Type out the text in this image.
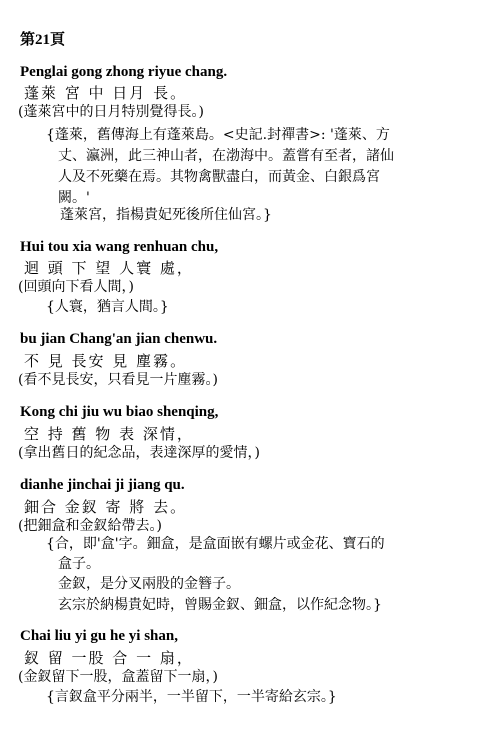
第21頁
Penglai gong zhong riyue chang.
蓬萊 宮 中 日月 長。
(蓬萊宮中的日月特別覺得長。)
{蓬萊，舊傳海上有蓬萊島。<史記.封禪書>: '蓬萊、方
丈、瀛洲，此三神山者，在渤海中。蓋嘗有至者，諸仙
人及不死藥在焉。其物禽獸盡白，而黃金、白銀爲宮
闕。'
蓬萊宮，指楊貴妃死後所住仙宮。}
Hui tou xia wang renhuan chu,
迴 頭 下 望 人寰 處，
(回頭向下看人間，)
{人寰，猶言人間。}
bu jian Chang'an jian chenwu.
不 見 長安 見 塵霧。
(看不見長安，只看見一片塵霧。)
Kong chi jiu wu biao shenqing,
空 持 舊 物 表 深情，
(拿出舊日的紀念品，表達深厚的愛情，)
dianhe jinchai ji jiang qu.
鈿合 金釵 寄 將 去。
(把鈿盒和金釵給帶去。)
{合，即'盒'字。鈿盒，是盒面嵌有螺片或金花、寶石的
盒子。
金釵，是分叉兩股的金簪子。
玄宗於納楊貴妃時，曾賜金釵、鈿盒，以作紀念物。}
Chai liu yi gu he yi shan,
釵 留 一股 合 一 扇，
(金釵留下一股，盒蓋留下一扇，)
{言釵盒平分兩半，一半留下，一半寄給玄宗。}
